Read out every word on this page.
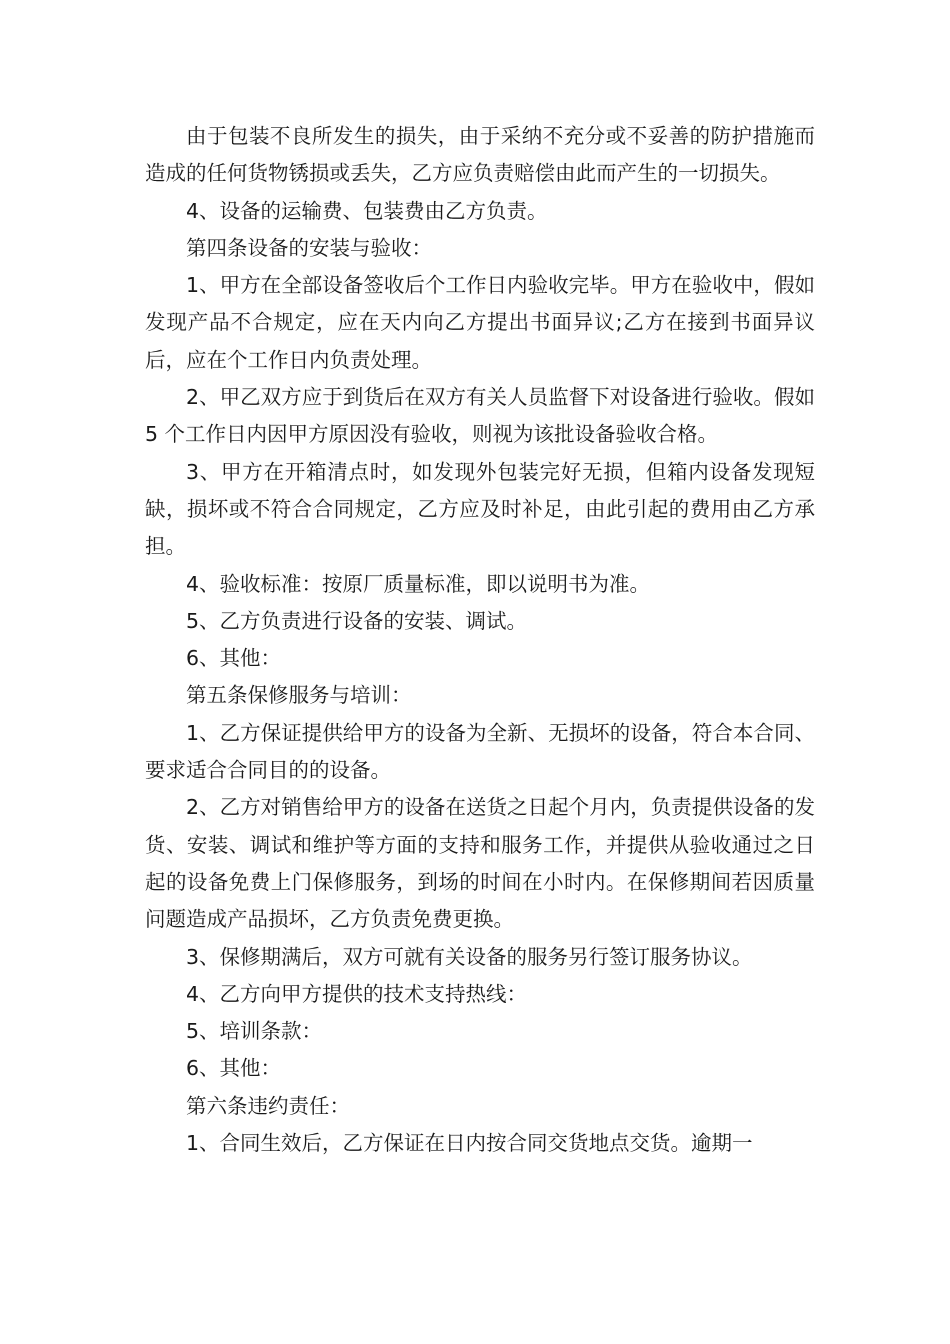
由于包装不良所发生的损失，由于采纳不充分或不妥善的防护措施而造成的任何货物锈损或丢失，乙方应负责赔偿由此而产生的一切损失。

4、设备的运输费、包装费由乙方负责。

第四条设备的安装与验收：

1、甲方在全部设备签收后个工作日内验收完毕。甲方在验收中，假如发现产品不合规定，应在天内向乙方提出书面异议;乙方在接到书面异议后，应在个工作日内负责处理。

2、甲乙双方应于到货后在双方有关人员监督下对设备进行验收。假如 5 个工作日内因甲方原因没有验收，则视为该批设备验收合格。

3、甲方在开箱清点时，如发现外包装完好无损，但箱内设备发现短缺，损坏或不符合合同规定，乙方应及时补足，由此引起的费用由乙方承担。

4、验收标准：按原厂质量标准，即以说明书为准。

5、乙方负责进行设备的安装、调试。

6、其他：

第五条保修服务与培训：

1、乙方保证提供给甲方的设备为全新、无损坏的设备，符合本合同、要求适合合同目的的设备。

2、乙方对销售给甲方的设备在送货之日起个月内，负责提供设备的发货、安装、调试和维护等方面的支持和服务工作，并提供从验收通过之日起的设备免费上门保修服务，到场的时间在小时内。在保修期间若因质量问题造成产品损坏，乙方负责免费更换。

3、保修期满后，双方可就有关设备的服务另行签订服务协议。

4、乙方向甲方提供的技术支持热线：

5、培训条款：

6、其他：

第六条违约责任：

1、合同生效后，乙方保证在日内按合同交货地点交货。逾期一
